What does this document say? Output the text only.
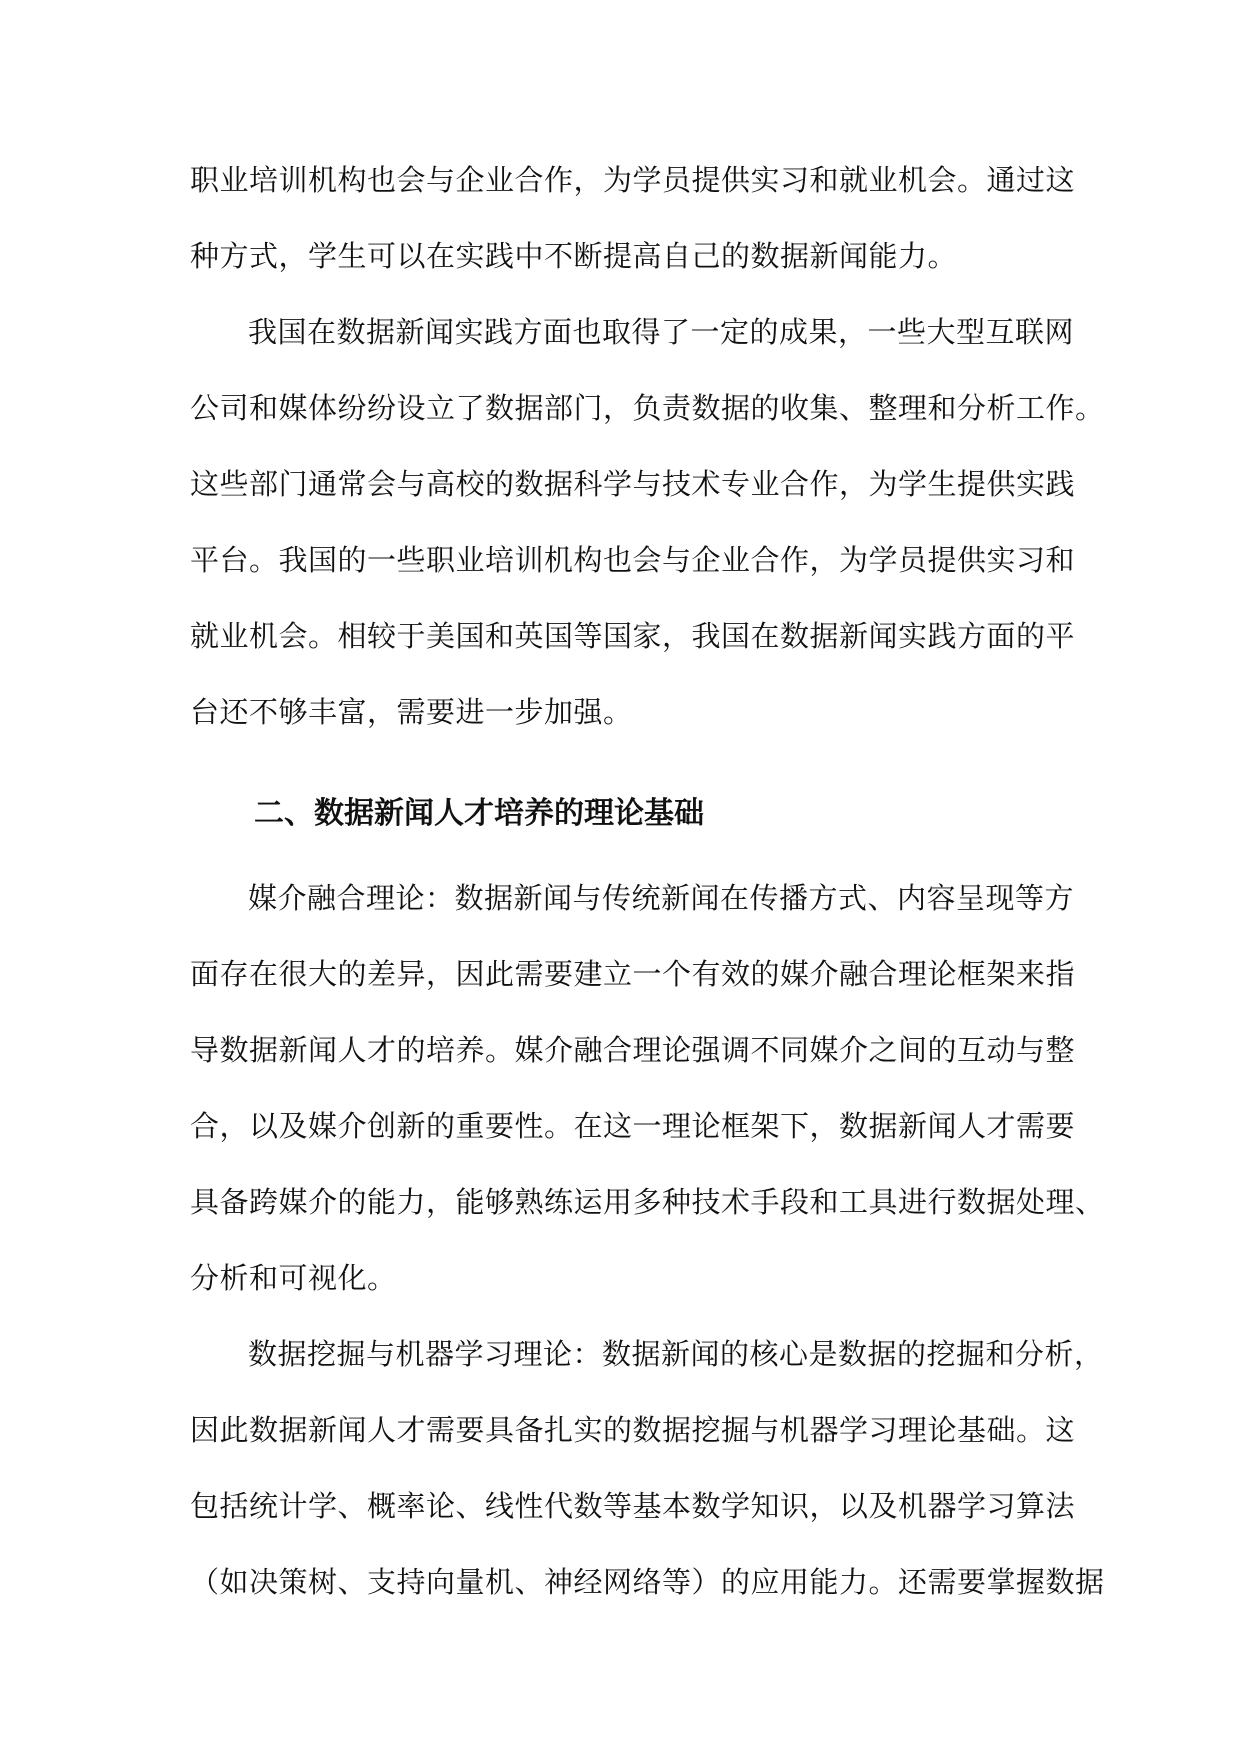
职业培训机构也会与企业合作，为学员提供实习和就业机会。通过这
种方式，学生可以在实践中不断提高自己的数据新闻能力。
我国在数据新闻实践方面也取得了一定的成果，一些大型互联网
公司和媒体纷纷设立了数据部门，负责数据的收集、整理和分析工作。
这些部门通常会与高校的数据科学与技术专业合作，为学生提供实践
平台。我国的一些职业培训机构也会与企业合作，为学员提供实习和
就业机会。相较于美国和英国等国家，我国在数据新闻实践方面的平
台还不够丰富，需要进一步加强。
二、数据新闻人才培养的理论基础
媒介融合理论：数据新闻与传统新闻在传播方式、内容呈现等方
面存在很大的差异，因此需要建立一个有效的媒介融合理论框架来指
导数据新闻人才的培养。媒介融合理论强调不同媒介之间的互动与整
合，以及媒介创新的重要性。在这一理论框架下，数据新闻人才需要
具备跨媒介的能力，能够熟练运用多种技术手段和工具进行数据处理、
分析和可视化。
数据挖掘与机器学习理论：数据新闻的核心是数据的挖掘和分析，
因此数据新闻人才需要具备扎实的数据挖掘与机器学习理论基础。这
包括统计学、概率论、线性代数等基本数学知识，以及机器学习算法
（如决策树、支持向量机、神经网络等）的应用能力。还需要掌握数据
